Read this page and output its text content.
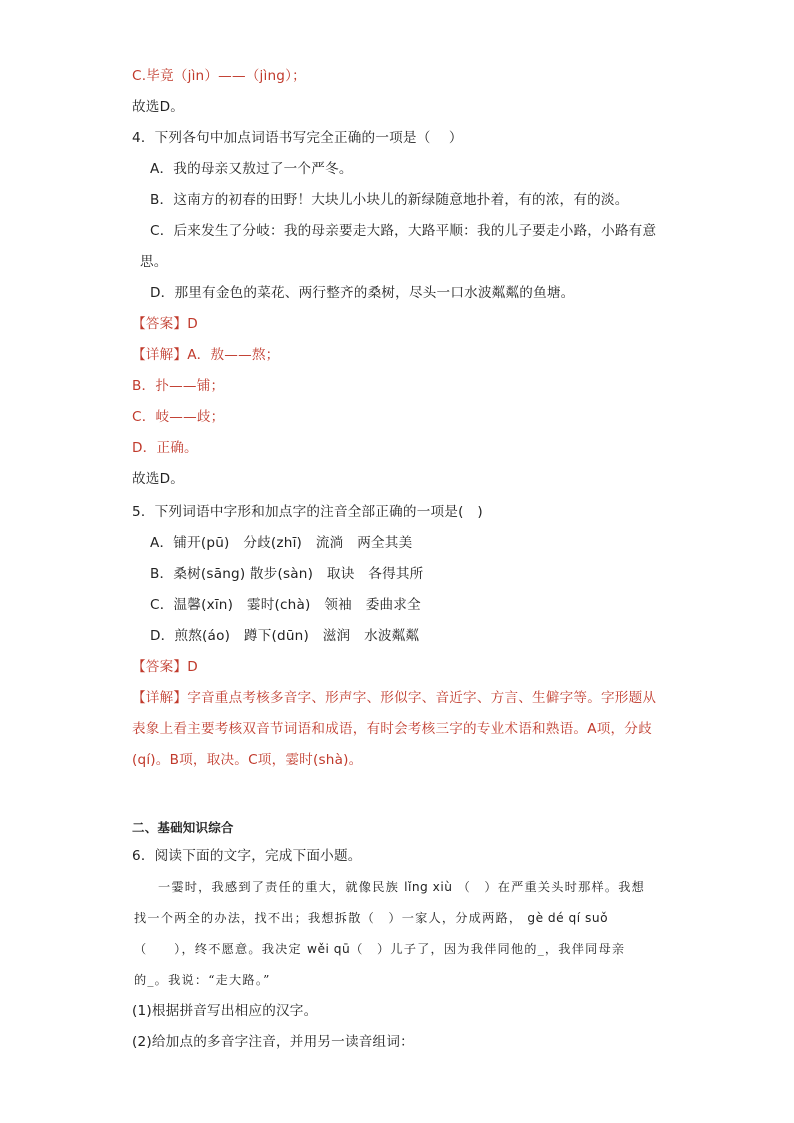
C.毕竟（jìn）——（jìng）；
故选D。
4．下列各句中加点词语书写完全正确的一项是（　 ）
A．我的母亲又敖过了一个严冬。
B．这南方的初春的田野！大块儿小块儿的新绿随意地扑着，有的浓，有的淡。
C．后来发生了分岐：我的母亲要走大路，大路平顺：我的儿子要走小路，小路有意
思。
D．那里有金色的菜花、两行整齐的桑树，尽头一口水波粼粼的鱼塘。
【答案】D
【详解】A．敖——熬；
B．扑——铺；
C．岐——歧；
D．正确。
故选D。
5．下列词语中字形和加点字的注音全部正确的一项是(　)
A．铺开(pū)　分歧(zhī)　流淌　两全其美
B．桑树(sāng) 散步(sàn)　取诀　各得其所
C．温馨(xīn)　霎时(chà)　领袖　委曲求全
D．煎熬(áo)　蹲下(dūn)　滋润　水波粼粼
【答案】D
【详解】字音重点考核多音字、形声字、形似字、音近字、方言、生僻字等。字形题从
表象上看主要考核双音节词语和成语，有时会考核三字的专业术语和熟语。A项，分歧
(qí)。B项，取决。C项，霎时(shà)。
二、基础知识综合
6．阅读下面的文字，完成下面小题。
一霎时，我感到了责任的重大，就像民族 lǐng xiù （　）在严重关头时那样。我想
找一个两全的办法，找不出；我想拆散（　）一家人，分成两路， gè dé qí suǒ
（　　），终不愿意。我决定 wěi qū（　）儿子了，因为我伴同他的_，我伴同母亲
的_。我说：“走大路。”
(1)根据拼音写出相应的汉字。
(2)给加点的多音字注音，并用另一读音组词：
